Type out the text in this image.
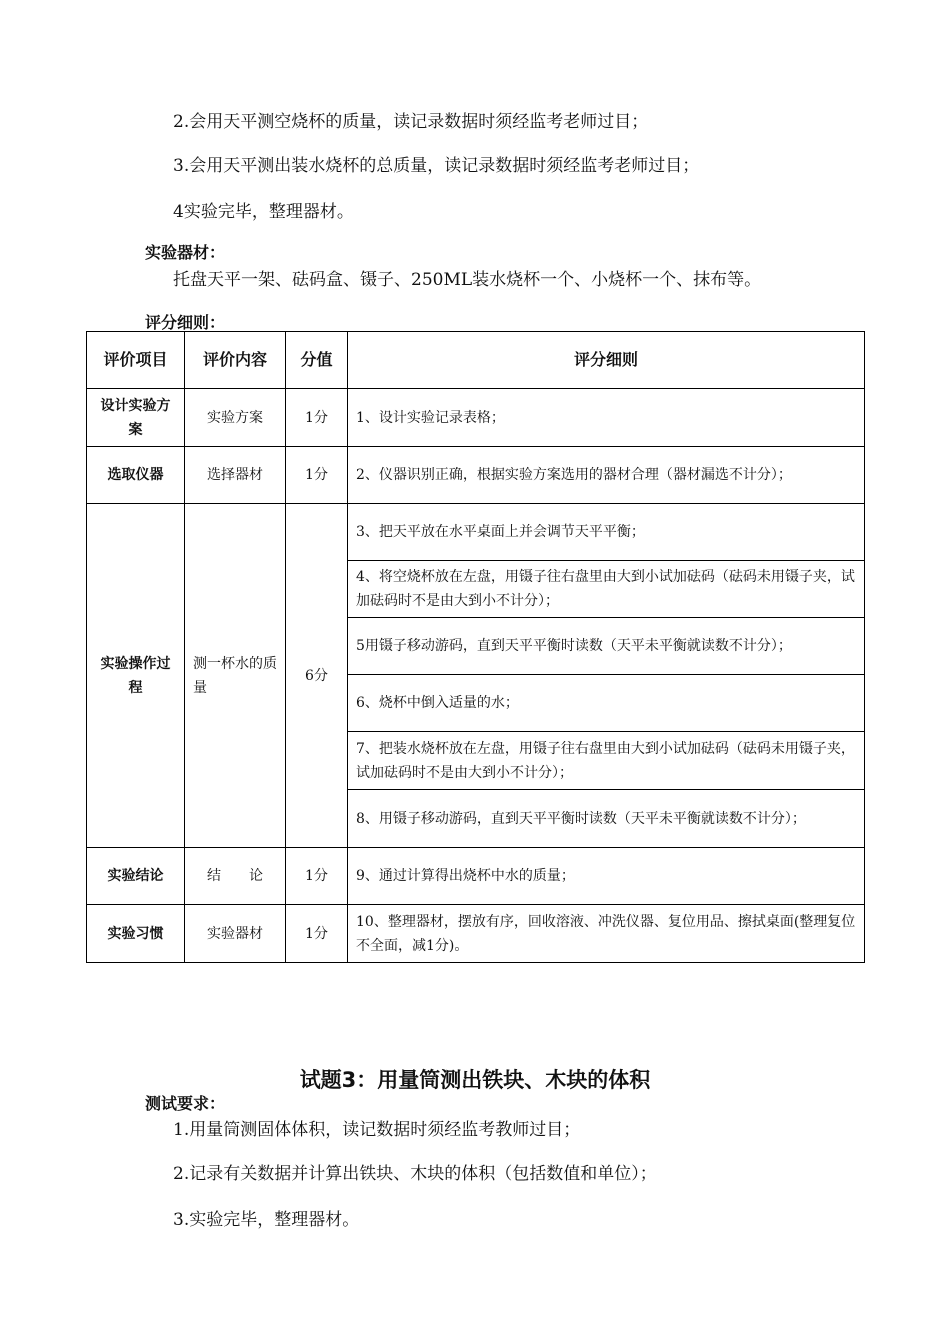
2.会用天平测空烧杯的质量，读记录数据时须经监考老师过目；
3.会用天平测出装水烧杯的总质量，读记录数据时须经监考老师过目；
4实验完毕，整理器材。
实验器材：
托盘天平一架、砝码盒、镊子、250ML装水烧杯一个、小烧杯一个、抹布等。
评分细则：
评价项目	评价内容	分值	评分细则
设计实验方案	实验方案	1分	1、设计实验记录表格；
选取仪器	选择器材	1分	2、仪器识别正确，根据实验方案选用的器材合理（器材漏选不计分）；
实验操作过程	测一杯水的质量	6分	3、把天平放在水平桌面上并会调节天平平衡；
			4、将空烧杯放在左盘，用镊子往右盘里由大到小试加砝码（砝码未用镊子夹，试加砝码时不是由大到小不计分）；
			5用镊子移动游码，直到天平平衡时读数（天平未平衡就读数不计分）；
			6、烧杯中倒入适量的水；
			7、把装水烧杯放在左盘，用镊子往右盘里由大到小试加砝码（砝码未用镊子夹，试加砝码时不是由大到小不计分）；
			8、用镊子移动游码，直到天平平衡时读数（天平未平衡就读数不计分）；
实验结论	结　　论	1分	9、通过计算得出烧杯中水的质量；
实验习惯	实验器材	1分	10、整理器材，摆放有序，回收溶液、冲洗仪器、复位用品、擦拭桌面(整理复位不全面，减1分)。
试题3：用量筒测出铁块、木块的体积
测试要求：
1.用量筒测固体体积，读记数据时须经监考教师过目；
2.记录有关数据并计算出铁块、木块的体积（包括数值和单位）；
3.实验完毕，整理器材。
